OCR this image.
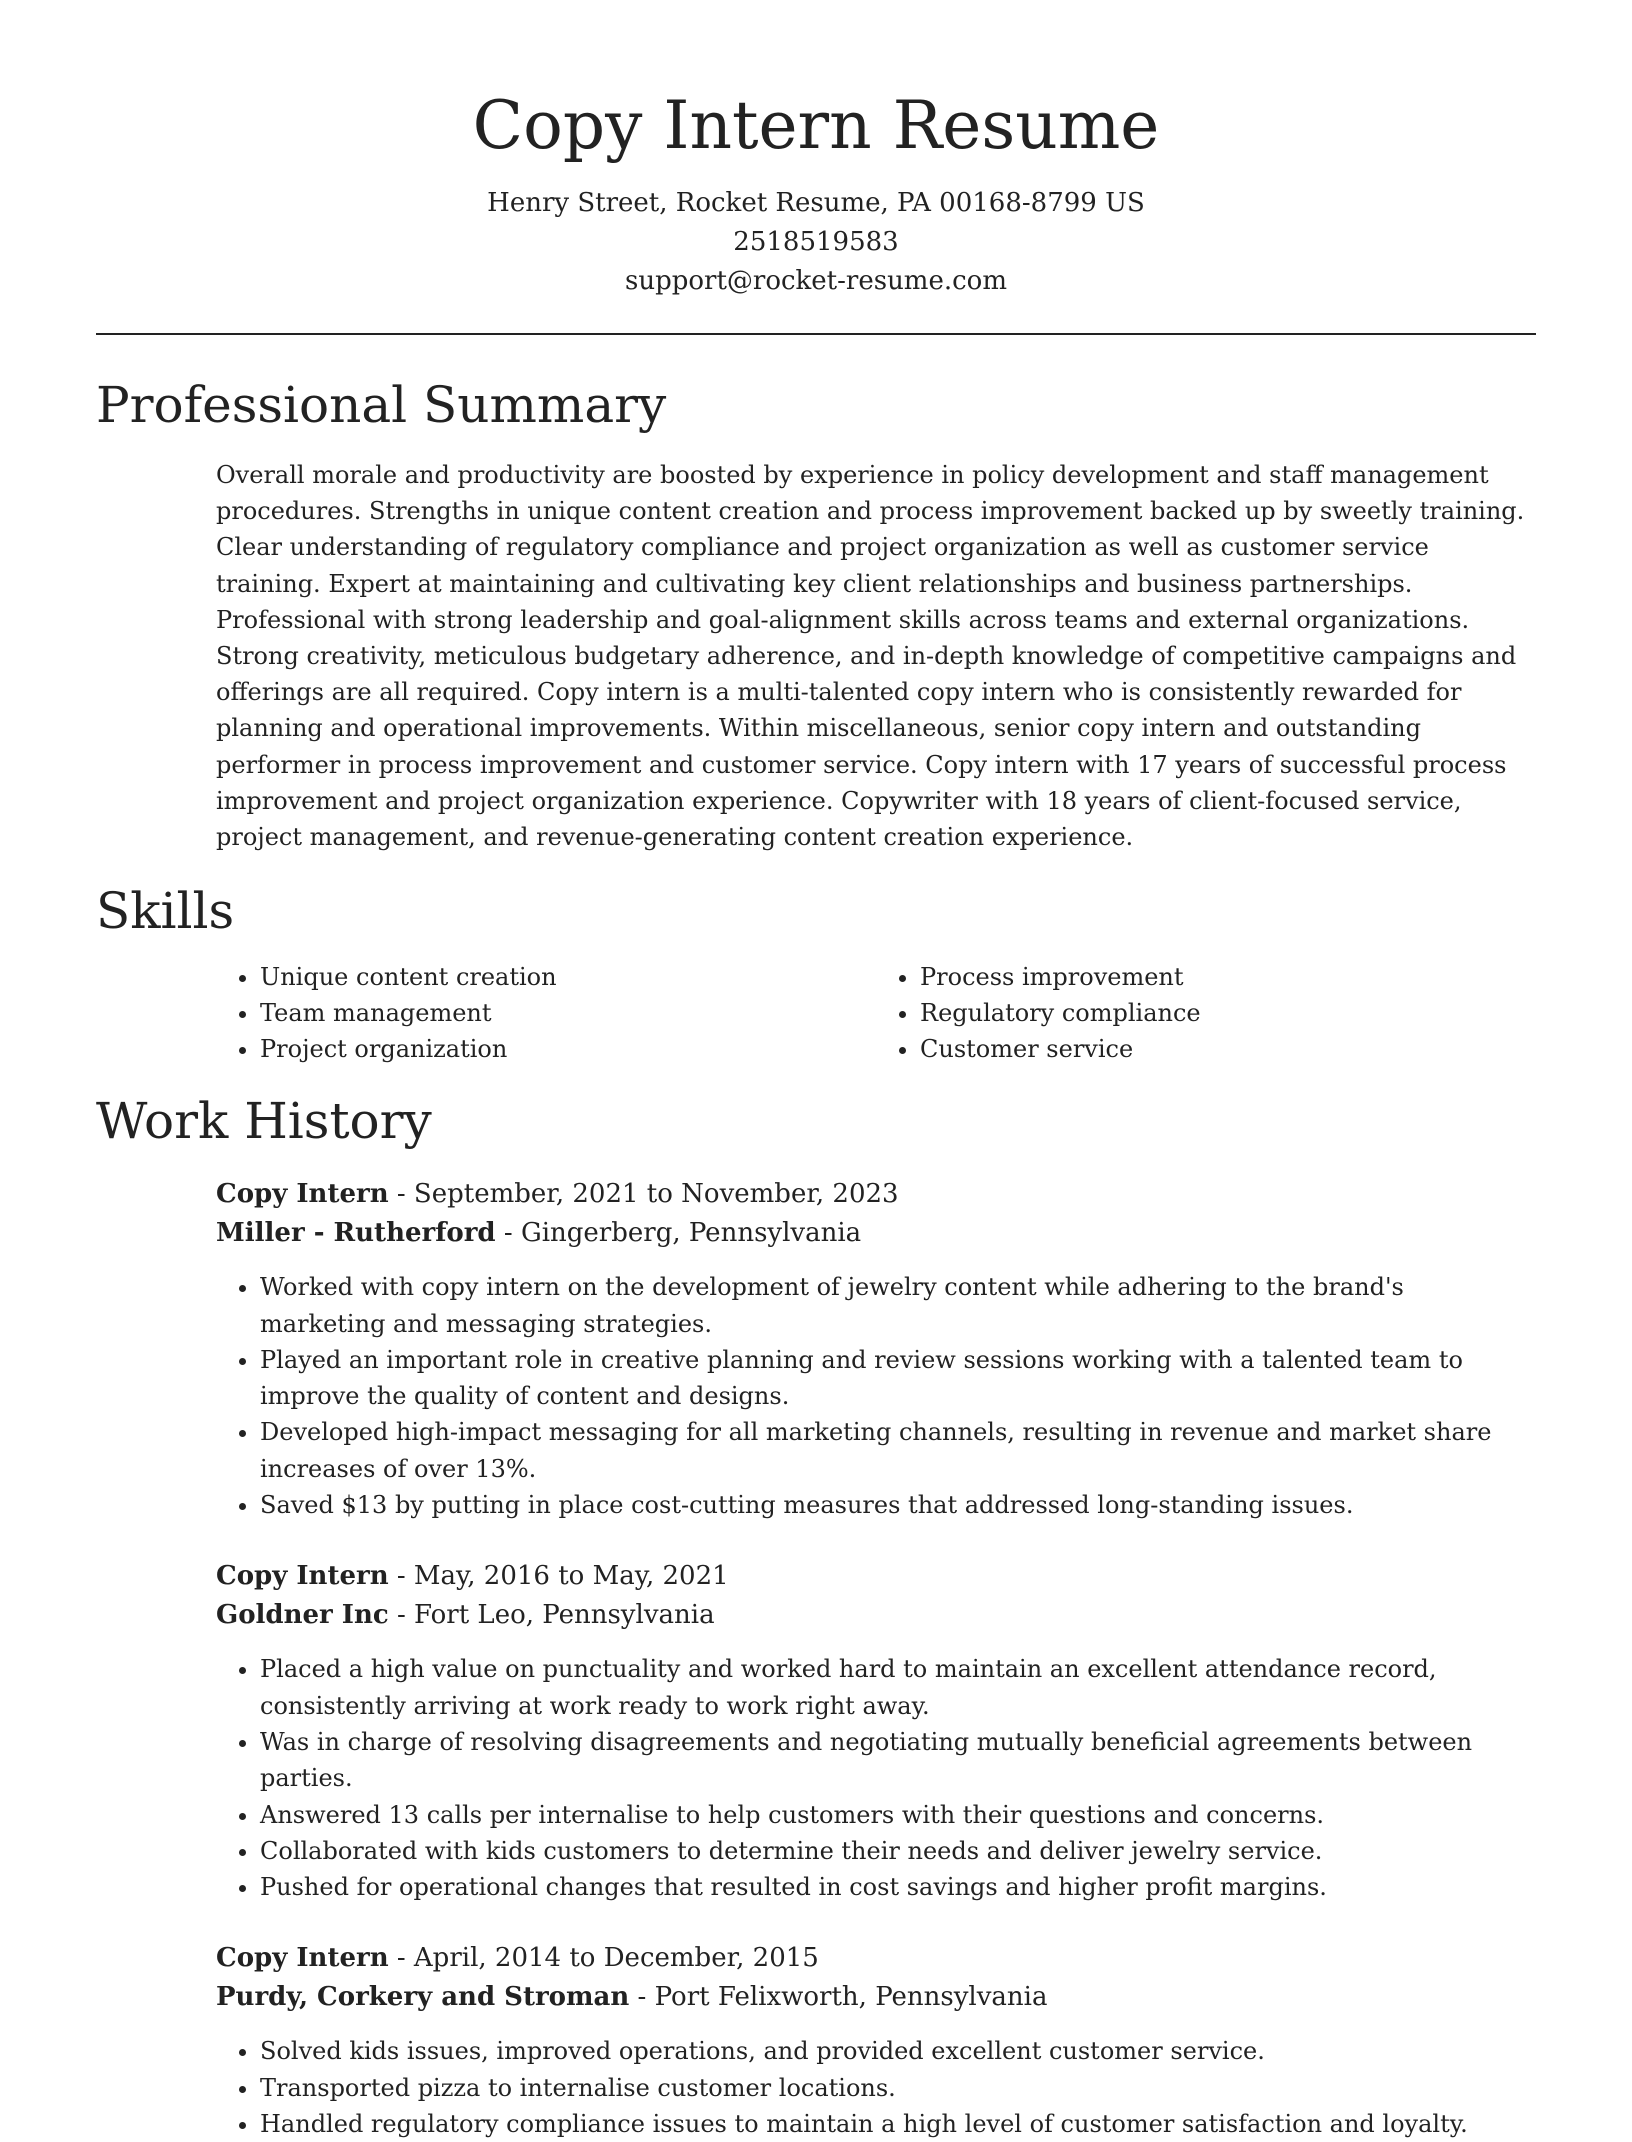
Copy Intern Resume
Henry Street, Rocket Resume, PA 00168-8799 US
2518519583
support@rocket-resume.com
Professional Summary

Overall morale and productivity are boosted by experience in policy development and staff management procedures. Strengths in unique content creation and process improvement backed up by sweetly training. Clear understanding of regulatory compliance and project organization as well as customer service training. Expert at maintaining and cultivating key client relationships and business partnerships. Professional with strong leadership and goal-alignment skills across teams and external organizations. Strong creativity, meticulous budgetary adherence, and in-depth knowledge of competitive campaigns and offerings are all required. Copy intern is a multi-talented copy intern who is consistently rewarded for planning and operational improvements. Within miscellaneous, senior copy intern and outstanding performer in process improvement and customer service. Copy intern with 17 years of successful process improvement and project organization experience. Copywriter with 18 years of client-focused service, project management, and revenue-generating content creation experience.

Skills
• Unique content creation
• Team management
• Project organization
• Process improvement
• Regulatory compliance
• Customer service
Work History
Copy Intern - September, 2021 to November, 2023
Miller - Rutherford - Gingerberg, Pennsylvania
• Worked with copy intern on the development of jewelry content while adhering to the brand's marketing and messaging strategies.
• Played an important role in creative planning and review sessions working with a talented team to improve the quality of content and designs.
• Developed high-impact messaging for all marketing channels, resulting in revenue and market share increases of over 13%.
• Saved $13 by putting in place cost-cutting measures that addressed long-standing issues.
Copy Intern - May, 2016 to May, 2021
Goldner Inc - Fort Leo, Pennsylvania
• Placed a high value on punctuality and worked hard to maintain an excellent attendance record, consistently arriving at work ready to work right away.
• Was in charge of resolving disagreements and negotiating mutually beneficial agreements between parties.
• Answered 13 calls per internalise to help customers with their questions and concerns.
• Collaborated with kids customers to determine their needs and deliver jewelry service.
• Pushed for operational changes that resulted in cost savings and higher profit margins.
Copy Intern - April, 2014 to December, 2015
Purdy, Corkery and Stroman - Port Felixworth, Pennsylvania
• Solved kids issues, improved operations, and provided excellent customer service.
• Transported pizza to internalise customer locations.
• Handled regulatory compliance issues to maintain a high level of customer satisfaction and loyalty.
